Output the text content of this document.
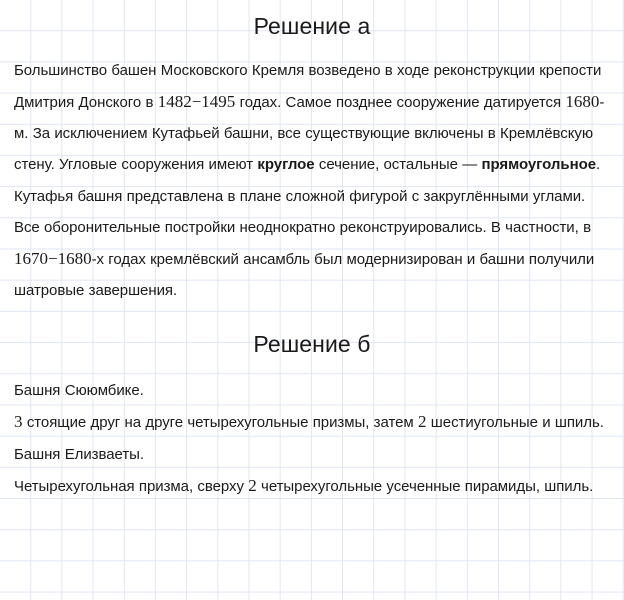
Решение а

Большинство башен Московского Кремля возведено в ходе реконструкции крепости Дмитрия Донского в 1482−1495 годах. Самое позднее сооружение датируется 1680-м. За исключением Кутафьей башни, все существующие включены в Кремлёвскую стену. Угловые сооружения имеют круглое сечение, остальные — прямоугольное.

Кутафья башня представлена в плане сложной фигурой с закруглёнными углами.

Все оборонительные постройки неоднократно реконструировались. В частности, в 1670−1680-х годах кремлёвский ансамбль был модернизирован и башни получили шатровые завершения.

Решение б

Башня Сююмбике.

3 стоящие друг на друге четырехугольные призмы, затем 2 шестиугольные и шпиль.

Башня Елизваеты.

Четырехугольная призма, сверху 2 четырехугольные усеченные пирамиды, шпиль.
